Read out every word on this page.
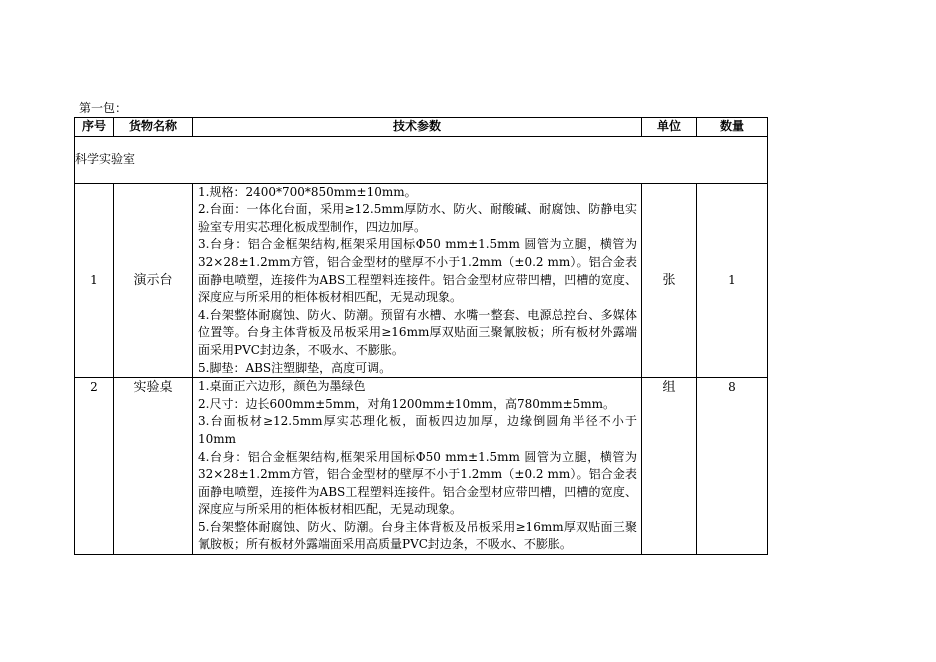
第一包：
序号	货物名称	技术参数	单位	数量
科学实验室				
1	演示台	1.规格：2400*700*850mm±10mm。
2.台面：一体化台面，采用≥12.5mm厚防水、防火、耐酸碱、耐腐蚀、防静电实验室专用实芯理化板成型制作，四边加厚。
3.台身：铝合金框架结构,框架采用国标Φ50 mm±1.5mm 圆管为立腿，横管为32×28±1.2mm方管，铝合金型材的壁厚不小于1.2mm（±0.2 mm）。铝合金表面静电喷塑，连接件为ABS工程塑料连接件。铝合金型材应带凹槽，凹槽的宽度、深度应与所采用的柜体板材相匹配，无晃动现象。
4.台架整体耐腐蚀、防火、防潮。预留有水槽、水嘴一整套、电源总控台、多媒体位置等。台身主体背板及吊板采用≥16mm厚双贴面三聚氰胺板；所有板材外露端面采用PVC封边条，不吸水、不膨胀。
5.脚垫：ABS注塑脚垫，高度可调。	张	1
2	实验桌	1.桌面正六边形，颜色为墨绿色
2.尺寸：边长600mm±5mm，对角1200mm±10mm，高780mm±5mm。
3.台面板材≥12.5mm厚实芯理化板，面板四边加厚，边缘倒圆角半径不小于10mm
4.台身：铝合金框架结构,框架采用国标Φ50 mm±1.5mm 圆管为立腿，横管为32×28±1.2mm方管，铝合金型材的壁厚不小于1.2mm（±0.2 mm）。铝合金表面静电喷塑，连接件为ABS工程塑料连接件。铝合金型材应带凹槽，凹槽的宽度、深度应与所采用的柜体板材相匹配，无晃动现象。
5.台架整体耐腐蚀、防火、防潮。台身主体背板及吊板采用≥16mm厚双贴面三聚氰胺板；所有板材外露端面采用高质量PVC封边条，不吸水、不膨胀。	组	8
